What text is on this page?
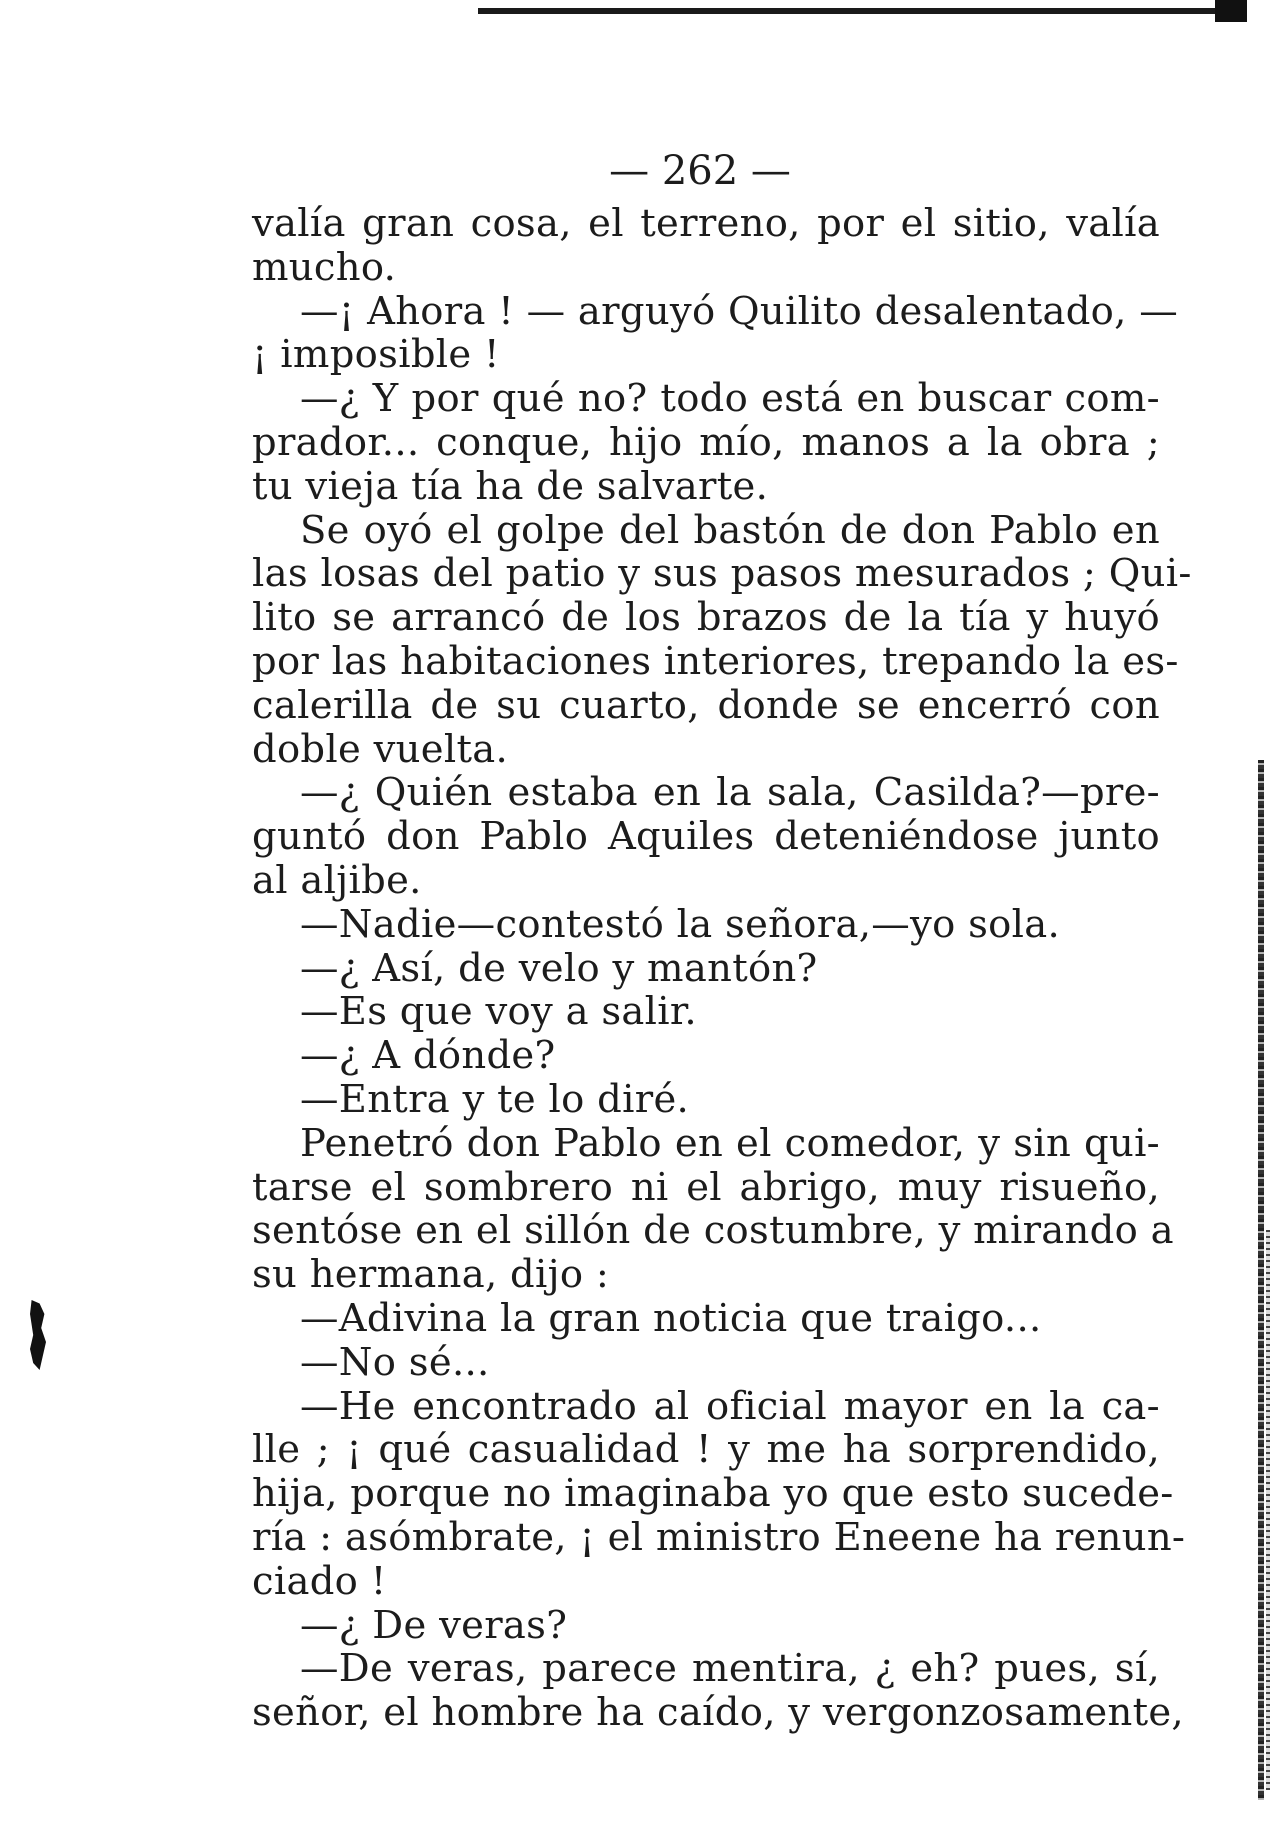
— 262 —
valía gran cosa, el terreno, por el sitio, valía
mucho.
—¡ Ahora ! — arguyó Quilito desalentado, —
¡ imposible !
—¿ Y por qué no? todo está en buscar com-
prador... conque, hijo mío, manos a la obra ;
tu vieja tía ha de salvarte.
Se oyó el golpe del bastón de don Pablo en
las losas del patio y sus pasos mesurados ; Qui-
lito se arrancó de los brazos de la tía y huyó
por las habitaciones interiores, trepando la es-
calerilla de su cuarto, donde se encerró con
doble vuelta.
—¿ Quién estaba en la sala, Casilda?—pre-
guntó don Pablo Aquiles deteniéndose junto
al aljibe.
—Nadie—contestó la señora,—yo sola.
—¿ Así, de velo y mantón?
—Es que voy a salir.
—¿ A dónde?
—Entra y te lo diré.
Penetró don Pablo en el comedor, y sin qui-
tarse el sombrero ni el abrigo, muy risueño,
sentóse en el sillón de costumbre, y mirando a
su hermana, dijo :
—Adivina la gran noticia que traigo...
—No sé...
—He encontrado al oficial mayor en la ca-
lle ; ¡ qué casualidad ! y me ha sorprendido,
hija, porque no imaginaba yo que esto sucede-
ría : asómbrate, ¡ el ministro Eneene ha renun-
ciado !
—¿ De veras?
—De veras, parece mentira, ¿ eh? pues, sí,
señor, el hombre ha caído, y vergonzosamente,
